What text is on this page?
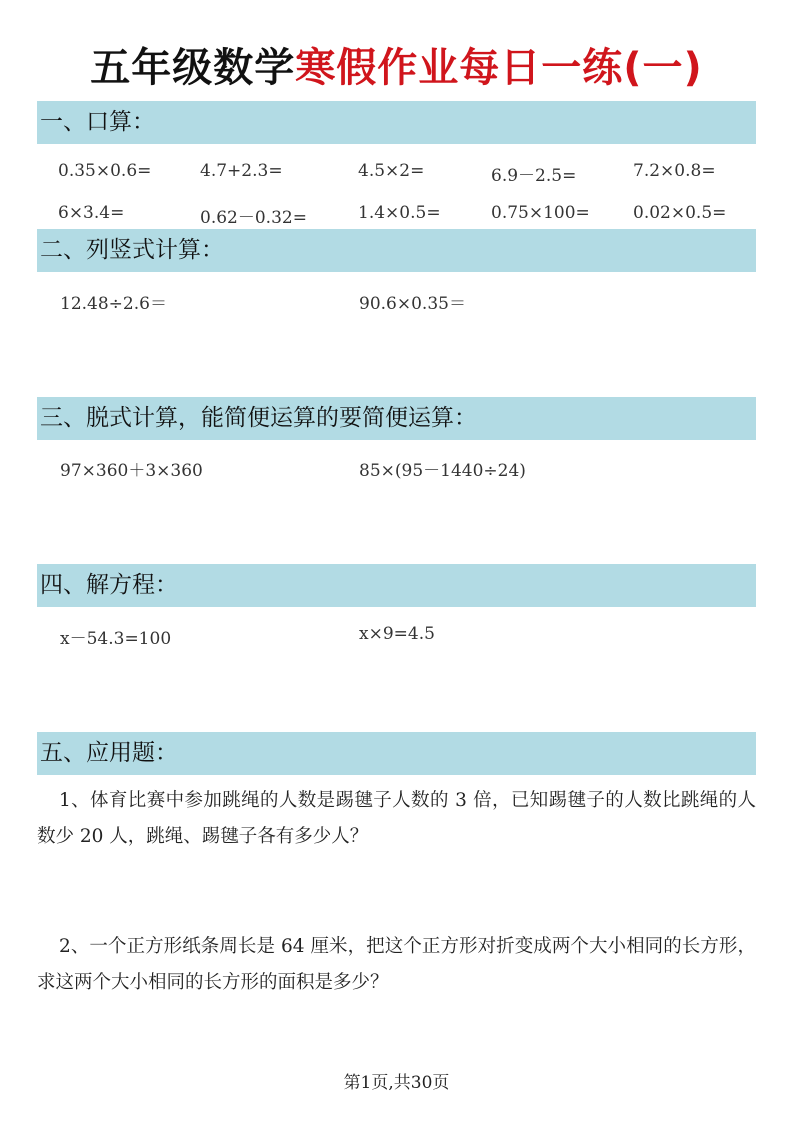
五年级数学寒假作业每日一练(一)
一、口算：
0.35×0.6=	4.7+2.3=	4.5×2=	6.9－2.5=	7.2×0.8=
6×3.4=	0.62－0.32=	1.4×0.5=	0.75×100=	0.02×0.5=
二、列竖式计算：
12.48÷2.6＝	90.6×0.35＝
三、脱式计算，能简便运算的要简便运算：
97×360＋3×360	85×(95－1440÷24)
四、解方程：
x－54.3=100	x×9=4.5
五、应用题：
1、体育比赛中参加跳绳的人数是踢毽子人数的 3 倍，已知踢毽子的人数比跳绳的人数少 20 人，跳绳、踢毽子各有多少人？
2、一个正方形纸条周长是 64 厘米，把这个正方形对折变成两个大小相同的长方形，求这两个大小相同的长方形的面积是多少？
第1页,共30页
